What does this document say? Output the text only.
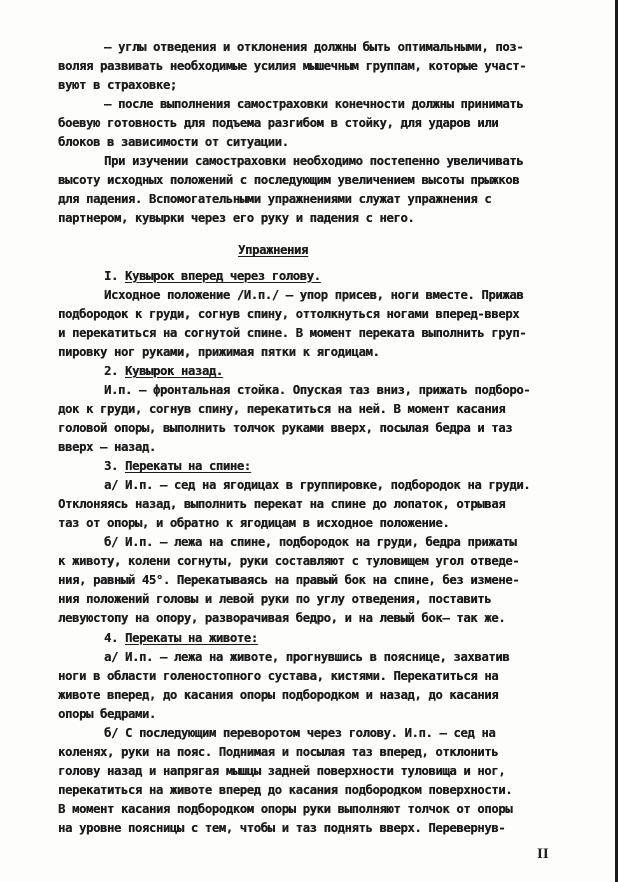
– углы отведения и отклонения должны быть оптимальными, поз-
воляя развивать необходимые усилия мышечным группам, которые участ-
вуют в страховке;
– после выполнения самостраховки конечности должны принимать
боевую готовность для подъема разгибом в стойку, для ударов или
блоков в зависимости от ситуации.
При изучении самостраховки необходимо постепенно увеличивать
высоту исходных положений с последующим увеличением высоты прыжков
для падения. Вспомогательными упражнениями служат упражнения с
партнером, кувырки через его руку и падения с него.
Упражнения
I. Кувырок вперед через голову.
Исходное положение /И.п./ – упор присев, ноги вместе. Прижав
подбородок к груди, согнув спину, оттолкнуться ногами вперед-вверх
и перекатиться на согнутой спине. В момент переката выполнить груп-
пировку ног руками, прижимая пятки к ягодицам.
2. Кувырок назад.
И.п. – фронтальная стойка. Опуская таз вниз, прижать подборо-
док к груди, согнув спину, перекатиться на ней. В момент касания
головой опоры, выполнить толчок руками вверх, посылая бедра и таз
вверх – назад.
3. Перекаты на спине:
а/ И.п. – сед на ягодицах в группировке, подбородок на груди.
Отклоняясь назад, выполнить перекат на спине до лопаток, отрывая
таз от опоры, и обратно к ягодицам в исходное положение.
б/ И.п. – лежа на спине, подбородок на груди, бедра прижаты
к животу, колени согнуты, руки составляют с туловищем угол отведе-
ния, равный 45°. Перекатываясь на правый бок на спине, без измене-
ния положений головы и левой руки по углу отведения, поставить
левуюстопу на опору, разворачивая бедро, и на левый бок– так же.
4. Перекаты на животе:
а/ И.п. – лежа на животе, прогнувшись в пояснице, захватив
ноги в области голеностопного сустава, кистями. Перекатиться на
животе вперед, до касания опоры подбородком и назад, до касания
опоры бедрами.
б/ С последующим переворотом через голову. И.п. – сед на
коленях, руки на пояс. Поднимая и посылая таз вперед, отклонить
голову назад и напрягая мышцы задней поверхности туловища и ног,
перекатиться на животе вперед до касания подбородком поверхности.
В момент касания подбородком опоры руки выполняют толчок от опоры
на уровне поясницы с тем, чтобы и таз поднять вверх. Перевернув-
II
